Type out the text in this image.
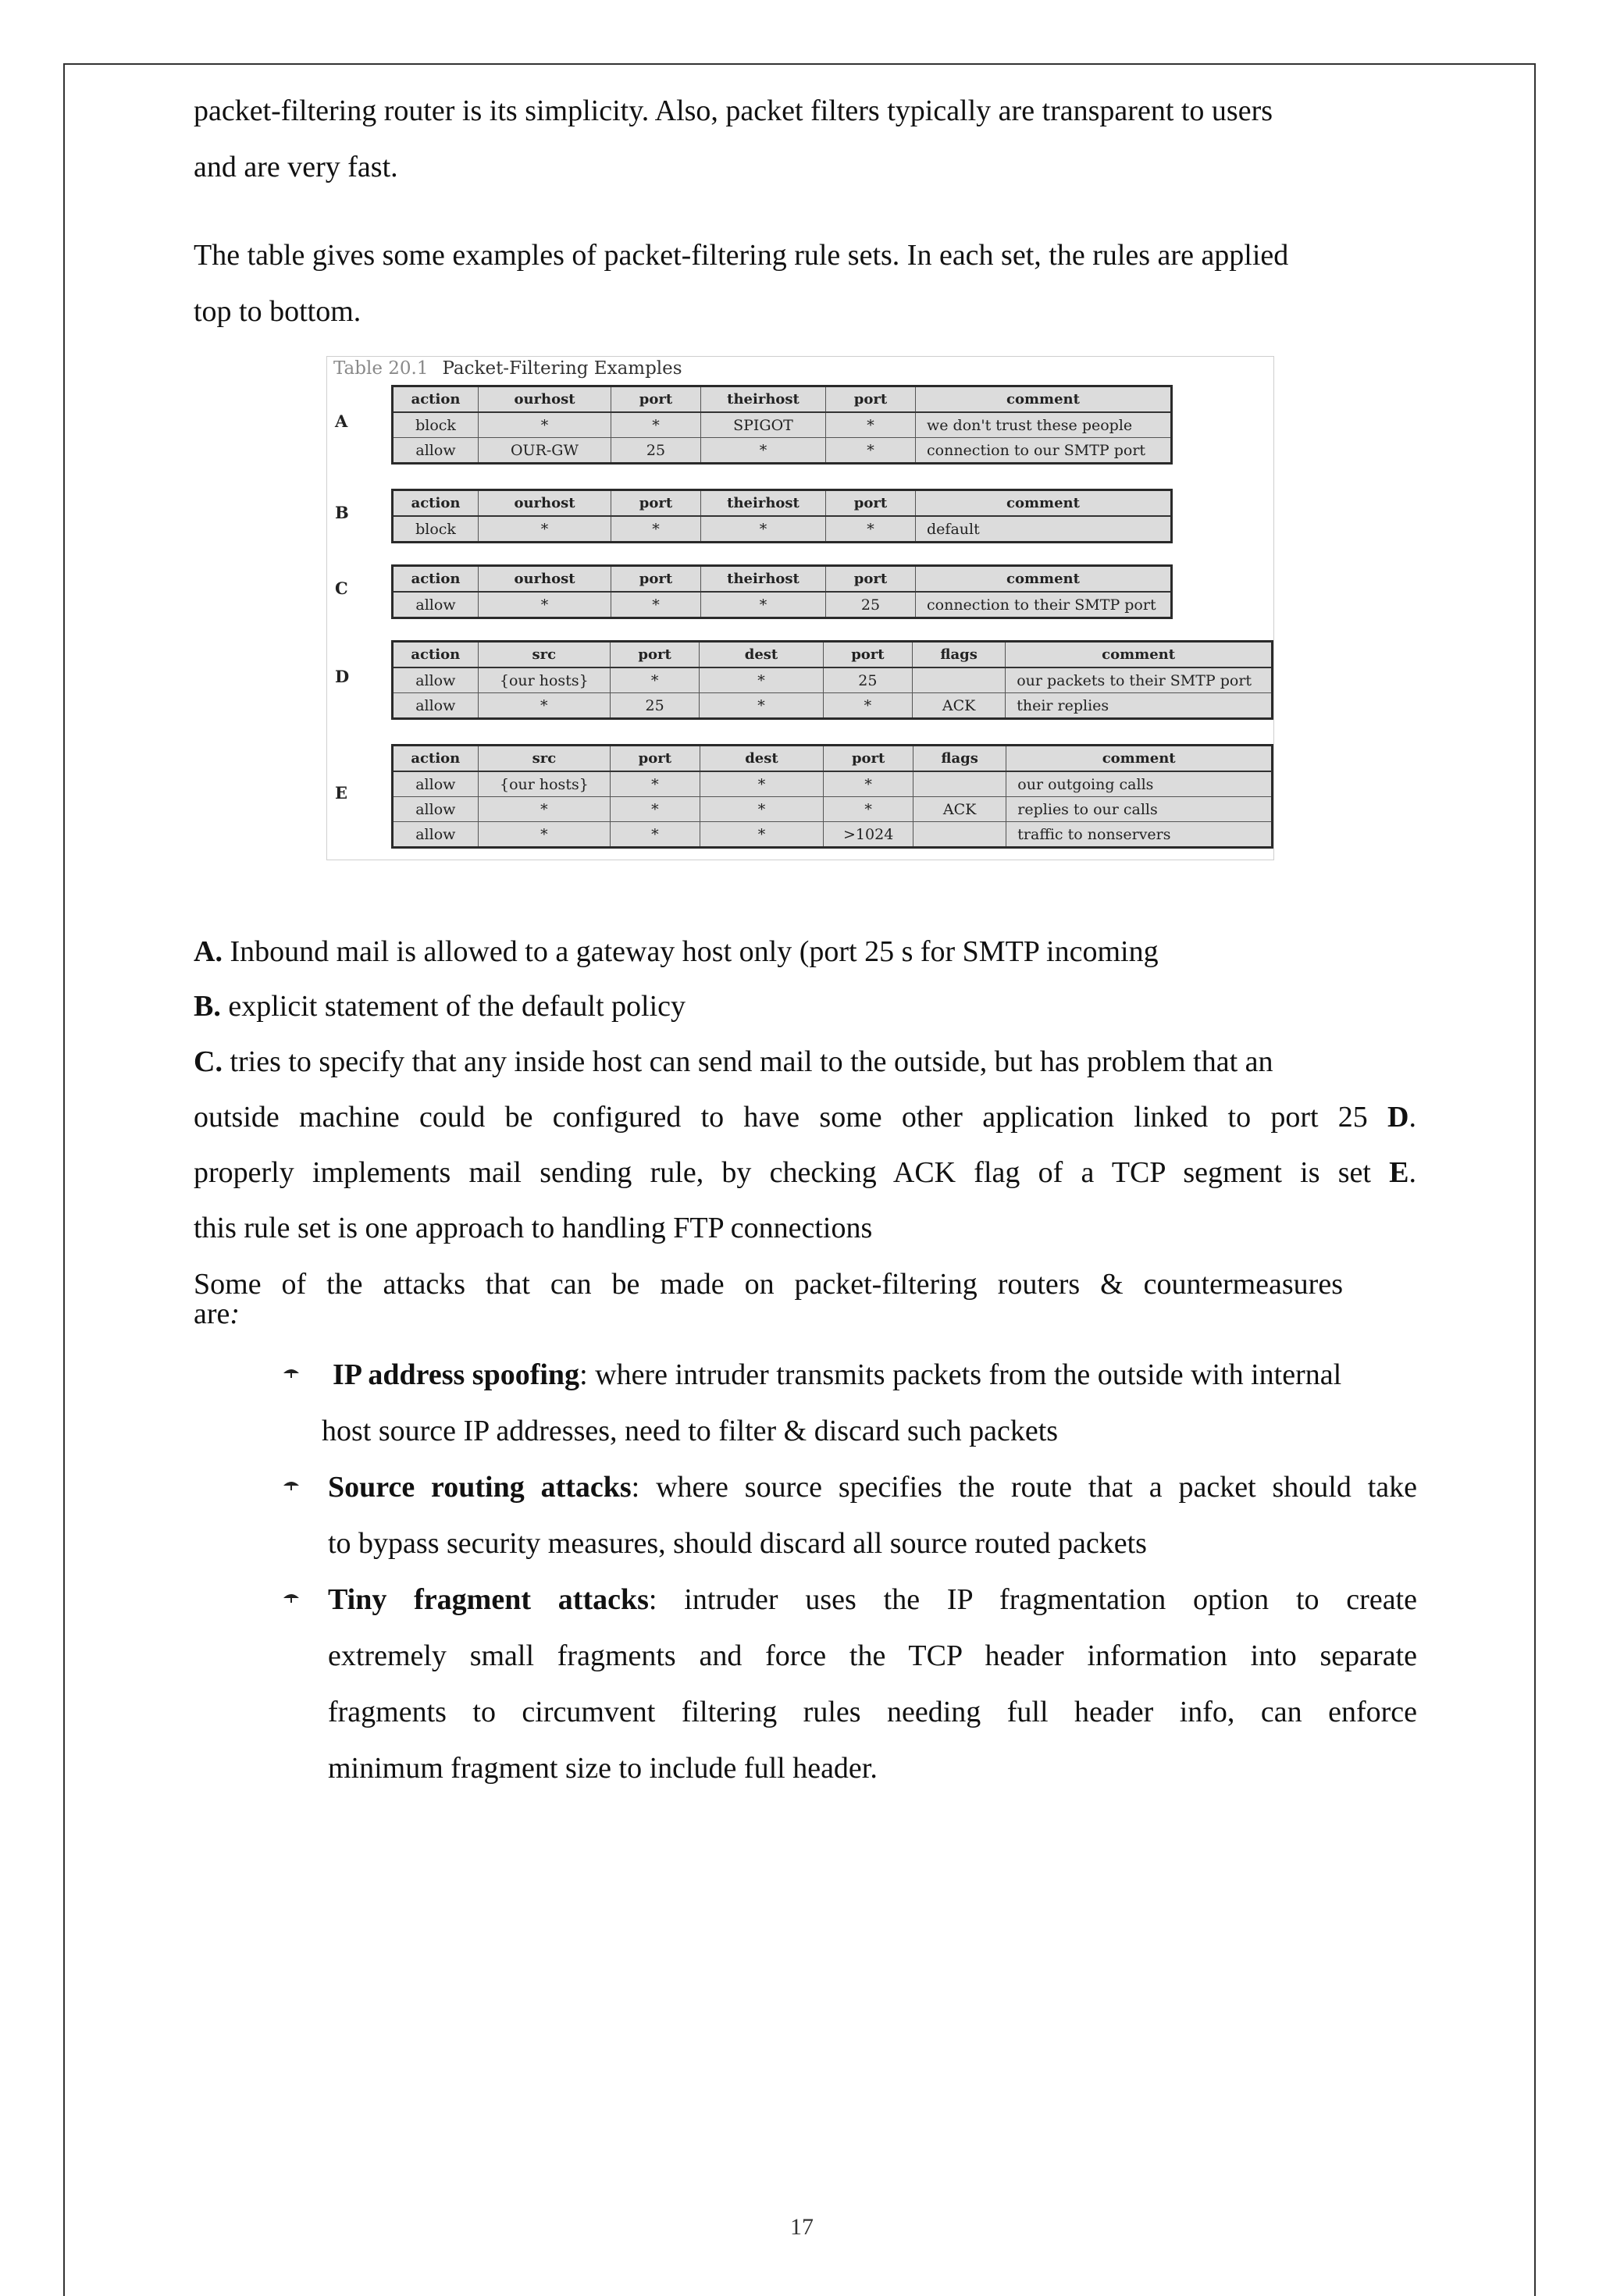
packet-filtering router is its simplicity. Also, packet filters typically are transparent to users

and are very fast.

The table gives some examples of packet-filtering rule sets. In each set, the rules are applied

top to bottom.

Table 20.1 Packet-Filtering Examples
A
action	ourhost	port	theirhost	port	comment
block	*	*	SPIGOT	*	we don't trust these people
allow	OUR-GW	25	*	*	connection to our SMTP port
B	action	ourhost	port	theirhost	port	comment
block	*	*	*	*	default
C	action	ourhost	port	theirhost	port	comment
allow	*	*	*	25	connection to their SMTP port
D
action	src	port	dest	port	flags	comment
allow	{our hosts}	*	*	25		our packets to their SMTP port
allow	*	25	*	*	ACK	their replies
E
action	src	port	dest	port	flags	comment
allow	{our hosts}	*	*	*		our outgoing calls
allow	*	*	*	*	ACK	replies to our calls
allow	*	*	*	>1024		traffic to nonservers

A. Inbound mail is allowed to a gateway host only (port 25 s for SMTP incoming

B. explicit statement of the default policy

C. tries to specify that any inside host can send mail to the outside, but has problem that an

outside machine could be configured to have some other application linked to port 25 D.

properly implements mail sending rule, by checking ACK flag of a TCP segment is set E.

this rule set is one approach to handling FTP connections

Some of the attacks that can be made on packet-filtering routers & countermeasures

are:

IP address spoofing: where intruder transmits packets from the outside with internal

host source IP addresses, need to filter & discard such packets

Source routing attacks: where source specifies the route that a packet should take

to bypass security measures, should discard all source routed packets

Tiny fragment attacks: intruder uses the IP fragmentation option to create

extremely small fragments and force the TCP header information into separate

fragments to circumvent filtering rules needing full header info, can enforce

minimum fragment size to include full header.

17
